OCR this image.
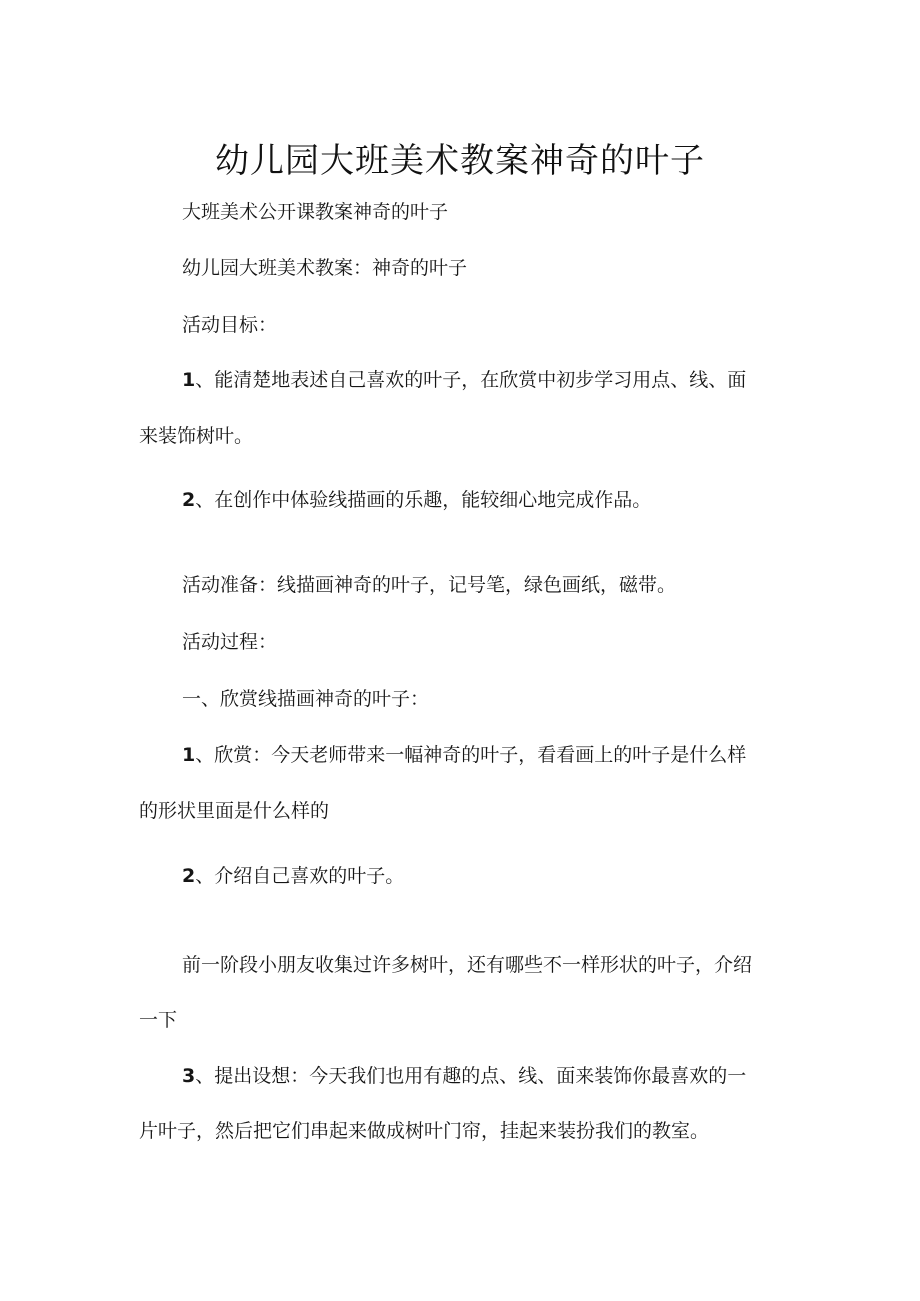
幼儿园大班美术教案神奇的叶子
大班美术公开课教案神奇的叶子
幼儿园大班美术教案：神奇的叶子
活动目标：
1、能清楚地表述自己喜欢的叶子，在欣赏中初步学习用点、线、面
来装饰树叶。
2、在创作中体验线描画的乐趣，能较细心地完成作品。
活动准备：线描画神奇的叶子，记号笔，绿色画纸，磁带。
活动过程：
一、欣赏线描画神奇的叶子：
1、欣赏：今天老师带来一幅神奇的叶子，看看画上的叶子是什么样
的形状里面是什么样的
2、介绍自己喜欢的叶子。
前一阶段小朋友收集过许多树叶，还有哪些不一样形状的叶子，介绍
一下
3、提出设想：今天我们也用有趣的点、线、面来装饰你最喜欢的一
片叶子，然后把它们串起来做成树叶门帘，挂起来装扮我们的教室。
